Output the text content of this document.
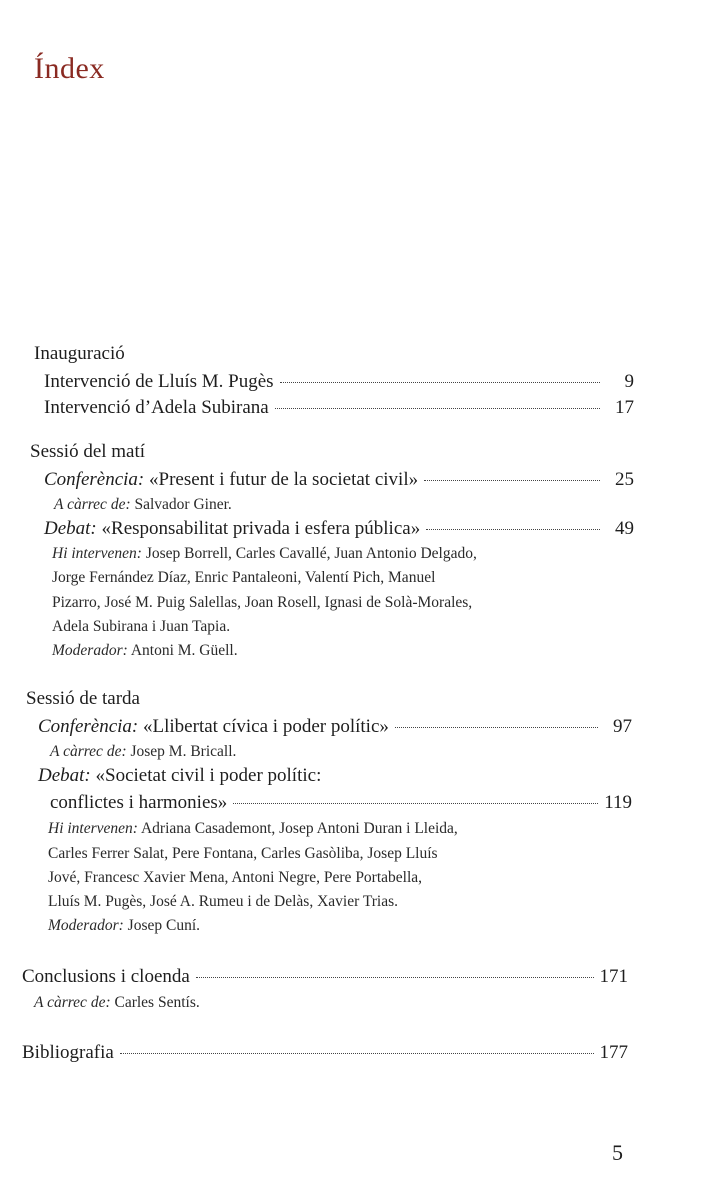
Índex
Inauguració
Intervenció de Lluís M. Pugès	9
Intervenció d’Adela Subirana	17
Sessió del matí
Conferència: «Present i futur de la societat civil»	25
A càrrec de: Salvador Giner.
Debat: «Responsabilitat privada i esfera pública»	49
Hi intervenen: Josep Borrell, Carles Cavallé, Juan Antonio Delgado,
Jorge Fernández Díaz, Enric Pantaleoni, Valentí Pich, Manuel
Pizarro, José M. Puig Salellas, Joan Rosell, Ignasi de Solà-Morales,
Adela Subirana i Juan Tapia.
Moderador: Antoni M. Güell.
Sessió de tarda
Conferència: «Llibertat cívica i poder polític»	97
A càrrec de: Josep M. Bricall.
Debat: «Societat civil i poder polític:
conflictes i harmonies»	119
Hi intervenen: Adriana Casademont, Josep Antoni Duran i Lleida,
Carles Ferrer Salat, Pere Fontana, Carles Gasòliba, Josep Lluís
Jové, Francesc Xavier Mena, Antoni Negre, Pere Portabella,
Lluís M. Pugès, José A. Rumeu i de Delàs, Xavier Trias.
Moderador: Josep Cuní.
Conclusions i cloenda	171
A càrrec de: Carles Sentís.
Bibliografia	177
5
